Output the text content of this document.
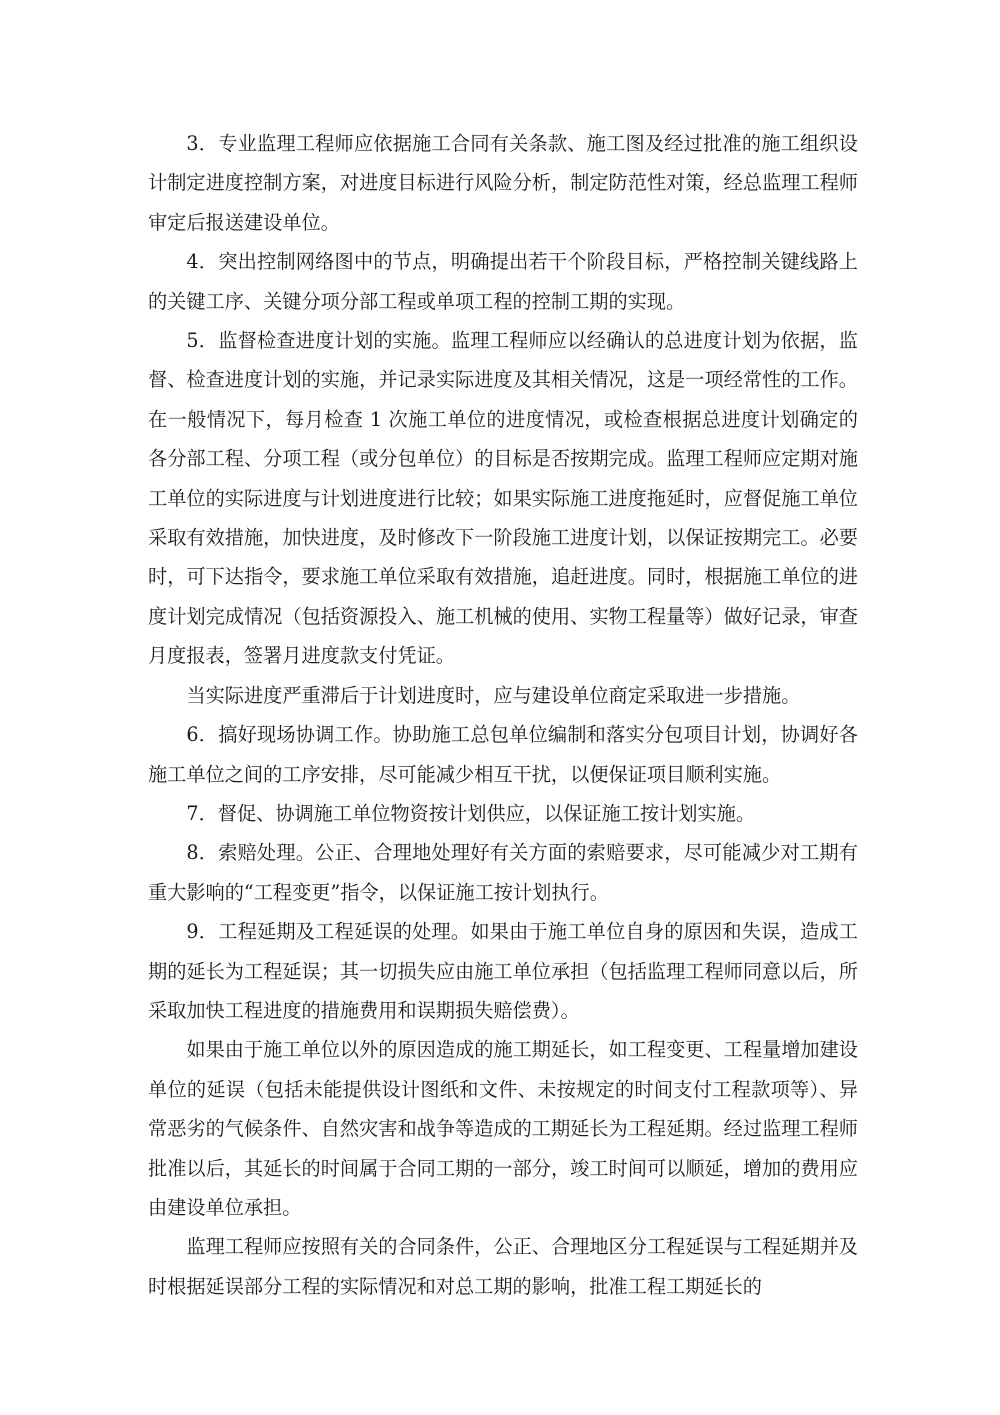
3．专业监理工程师应依据施工合同有关条款、施工图及经过批准的施工组织设计制定进度控制方案，对进度目标进行风险分析，制定防范性对策，经总监理工程师审定后报送建设单位。

4．突出控制网络图中的节点，明确提出若干个阶段目标，严格控制关键线路上的关键工序、关键分项分部工程或单项工程的控制工期的实现。

5．监督检查进度计划的实施。监理工程师应以经确认的总进度计划为依据，监督、检查进度计划的实施，并记录实际进度及其相关情况，这是一项经常性的工作。在一般情况下，每月检查 1 次施工单位的进度情况，或检查根据总进度计划确定的各分部工程、分项工程（或分包单位）的目标是否按期完成。监理工程师应定期对施工单位的实际进度与计划进度进行比较；如果实际施工进度拖延时，应督促施工单位采取有效措施，加快进度，及时修改下一阶段施工进度计划，以保证按期完工。必要时，可下达指令，要求施工单位采取有效措施，追赶进度。同时，根据施工单位的进度计划完成情况（包括资源投入、施工机械的使用、实物工程量等）做好记录，审查月度报表，签署月进度款支付凭证。

当实际进度严重滞后于计划进度时，应与建设单位商定采取进一步措施。

6．搞好现场协调工作。协助施工总包单位编制和落实分包项目计划，协调好各施工单位之间的工序安排，尽可能减少相互干扰，以便保证项目顺利实施。

7．督促、协调施工单位物资按计划供应，以保证施工按计划实施。

8．索赔处理。公正、合理地处理好有关方面的索赔要求，尽可能减少对工期有重大影响的“工程变更”指令，以保证施工按计划执行。

9．工程延期及工程延误的处理。如果由于施工单位自身的原因和失误，造成工期的延长为工程延误；其一切损失应由施工单位承担（包括监理工程师同意以后，所采取加快工程进度的措施费用和误期损失赔偿费）。

如果由于施工单位以外的原因造成的施工期延长，如工程变更、工程量增加建设单位的延误（包括未能提供设计图纸和文件、未按规定的时间支付工程款项等）、异常恶劣的气候条件、自然灾害和战争等造成的工期延长为工程延期。经过监理工程师批准以后，其延长的时间属于合同工期的一部分，竣工时间可以顺延，增加的费用应由建设单位承担。

监理工程师应按照有关的合同条件，公正、合理地区分工程延误与工程延期并及时根据延误部分工程的实际情况和对总工期的影响，批准工程工期延长的
